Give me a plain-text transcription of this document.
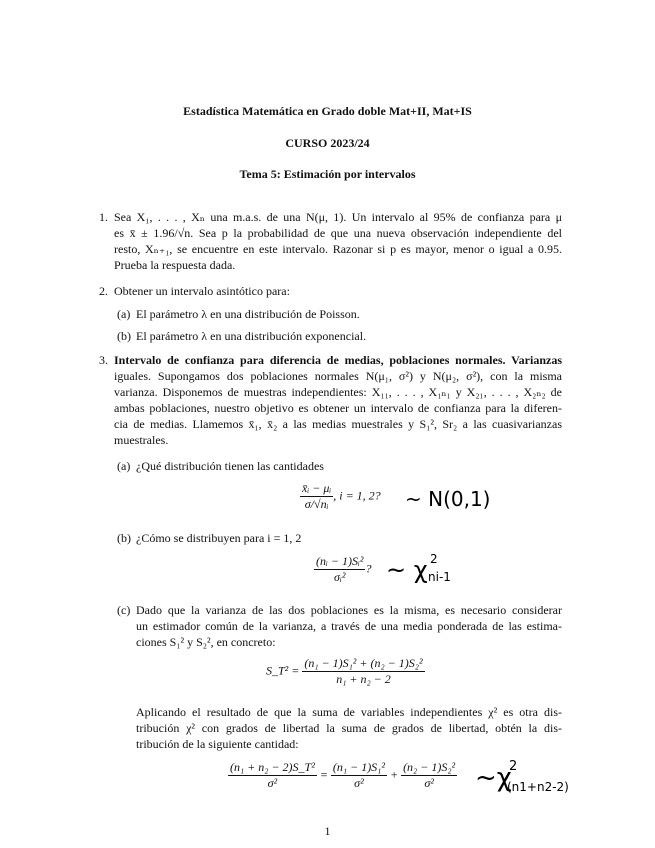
Estadística Matemática en Grado doble Mat+II, Mat+IS
CURSO 2023/24
Tema 5: Estimación por intervalos
1. Sea X₁, . . . , Xₙ una m.a.s. de una N(μ, 1). Un intervalo al 95% de confianza para μ
es x̄ ± 1.96/√n. Sea p la probabilidad de que una nueva observación independiente del
resto, Xₙ₊₁, se encuentre en este intervalo. Razonar si p es mayor, menor o igual a 0.95.
Prueba la respuesta dada.
2. Obtener un intervalo asintótico para:
(a) El parámetro λ en una distribución de Poisson.
(b) El parámetro λ en una distribución exponencial.
3. Intervalo de confianza para diferencia de medias, poblaciones normales. Varianzas
iguales. Supongamos dos poblaciones normales N(μ₁, σ²) y N(μ₂, σ²), con la misma
varianza. Disponemos de muestras independientes: X₁₁, . . . , X₁ₙ₁ y X₂₁, . . . , X₂ₙ₂ de
ambas poblaciones, nuestro objetivo es obtener un intervalo de confianza para la diferen-
cia de medias. Llamemos x̄₁, x̄₂ a las medias muestrales y S₁², Sr₂ a las cuasivarianzas
muestrales.
(a) ¿Qué distribución tienen las cantidades
$\frac{\text{x̄ᵢ − μᵢ}}{\text{σ/√nᵢ}}$ , i = 1, 2? ~ N(0,1)
(b) ¿Cómo se distribuyen para i = 1, 2
$\frac{\text{(nᵢ − 1)Sᵢ²}}{\text{σᵢ²}}$ ? ~ χ 2
ni-1
(c) Dado que la varianza de las dos poblaciones es la misma, es necesario considerar
un estimador común de la varianza, a través de una media ponderada de las estima-
ciones S₁² y S₂², en concreto:
S_T² = $\frac{\text{(n₁ − 1)S₁² + (n₂ − 1)S₂²}}{\text{n₁ + n₂ − 2}}$
Aplicando el resultado de que la suma de variables independientes χ² es otra dis-
tribución χ² con grados de libertad la suma de grados de libertad, obtén la dis-
tribución de la siguiente cantidad:
$\frac{\text{(n₁ + n₂ − 2)S\_T²}}{\text{σ²}} = \frac{\text{(n₁ − 1)S₁²}}{\text{σ²}} + \frac{\text{(n₂ − 1)S₂²}}{\text{σ²}}$ ~χ
2
(n1+n2-2)
1
